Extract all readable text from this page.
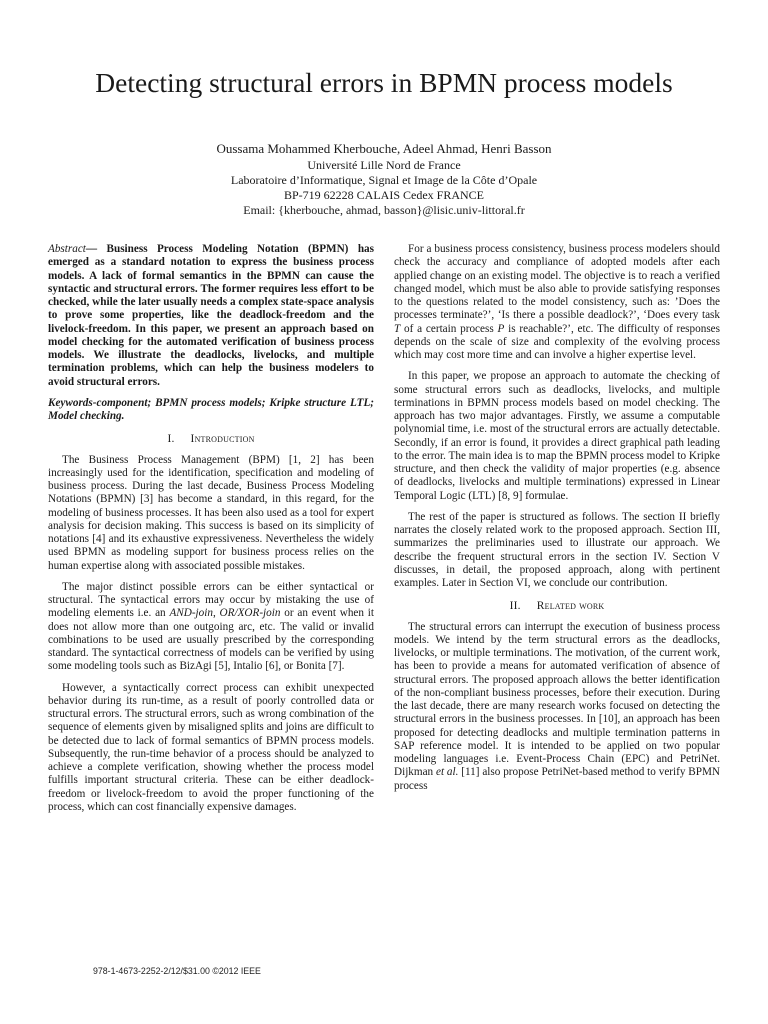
Detecting structural errors in BPMN process models
Oussama Mohammed Kherbouche, Adeel Ahmad, Henri Basson
Université Lille Nord de France
Laboratoire d’Informatique, Signal et Image de la Côte d’Opale
BP-719 62228 CALAIS Cedex FRANCE
Email: {kherbouche, ahmad, basson}@lisic.univ-littoral.fr

Abstract— Business Process Modeling Notation (BPMN) has emerged as a standard notation to express the business process models. A lack of formal semantics in the BPMN can cause the syntactic and structural errors. The former requires less effort to be checked, while the later usually needs a complex state-space analysis to prove some properties, like the deadlock-freedom and the livelock-freedom. In this paper, we present an approach based on model checking for the automated verification of business process models. We illustrate the deadlocks, livelocks, and multiple termination problems, which can help the business modelers to avoid structural errors.

Keywords-component; BPMN process models; Kripke structure LTL; Model checking.

I. Introduction

The Business Process Management (BPM) [1, 2] has been increasingly used for the identification, specification and modeling of business process. During the last decade, Business Process Modeling Notations (BPMN) [3] has become a standard, in this regard, for the modeling of business processes. It has been also used as a tool for expert analysis for decision making. This success is based on its simplicity of notations [4] and its exhaustive expressiveness. Nevertheless the widely used BPMN as modeling support for business process relies on the human expertise along with associated possible mistakes.

The major distinct possible errors can be either syntactical or structural. The syntactical errors may occur by mistaking the use of modeling elements i.e. an AND-join, OR/XOR-join or an event when it does not allow more than one outgoing arc, etc. The valid or invalid combinations to be used are usually prescribed by the corresponding standard. The syntactical correctness of models can be verified by using some modeling tools such as BizAgi [5], Intalio [6], or Bonita [7].

However, a syntactically correct process can exhibit unexpected behavior during its run-time, as a result of poorly controlled data or structural errors. The structural errors, such as wrong combination of the sequence of elements given by misaligned splits and joins are difficult to be detected due to lack of formal semantics of BPMN process models. Subsequently, the run-time behavior of a process should be analyzed to achieve a complete verification, showing whether the process model fulfills important structural criteria. These can be either deadlock-freedom or livelock-freedom to avoid the proper functioning of the process, which can cost financially expensive damages.

For a business process consistency, business process modelers should check the accuracy and compliance of adopted models after each applied change on an existing model. The objective is to reach a verified changed model, which must be also able to provide satisfying responses to the questions related to the model consistency, such as: ’Does the processes terminate?’, ‘Is there a possible deadlock?’, ‘Does every task T of a certain process P is reachable?’, etc. The difficulty of responses depends on the scale of size and complexity of the evolving process which may cost more time and can involve a higher expertise level.

In this paper, we propose an approach to automate the checking of some structural errors such as deadlocks, livelocks, and multiple terminations in BPMN process models based on model checking. The approach has two major advantages. Firstly, we assume a computable polynomial time, i.e. most of the structural errors are actually detectable. Secondly, if an error is found, it provides a direct graphical path leading to the error. The main idea is to map the BPMN process model to Kripke structure, and then check the validity of major properties (e.g. absence of deadlocks, livelocks and multiple terminations) expressed in Linear Temporal Logic (LTL) [8, 9] formulae.

The rest of the paper is structured as follows. The section II briefly narrates the closely related work to the proposed approach. Section III, summarizes the preliminaries used to illustrate our approach. We describe the frequent structural errors in the section IV. Section V discusses, in detail, the proposed approach, along with pertinent examples. Later in Section VI, we conclude our contribution.

II. Related work

The structural errors can interrupt the execution of business process models. We intend by the term structural errors as the deadlocks, livelocks, or multiple terminations. The motivation, of the current work, has been to provide a means for automated verification of absence of structural errors. The proposed approach allows the better identification of the non-compliant business processes, before their execution. During the last decade, there are many research works focused on detecting the structural errors in the business processes. In [10], an approach has been proposed for detecting deadlocks and multiple termination patterns in SAP reference model. It is intended to be applied on two popular modeling languages i.e. Event-Process Chain (EPC) and PetriNet. Dijkman et al. [11] also propose PetriNet-based method to verify BPMN process

978-1-4673-2252-2/12/$31.00 ©2012 IEEE
